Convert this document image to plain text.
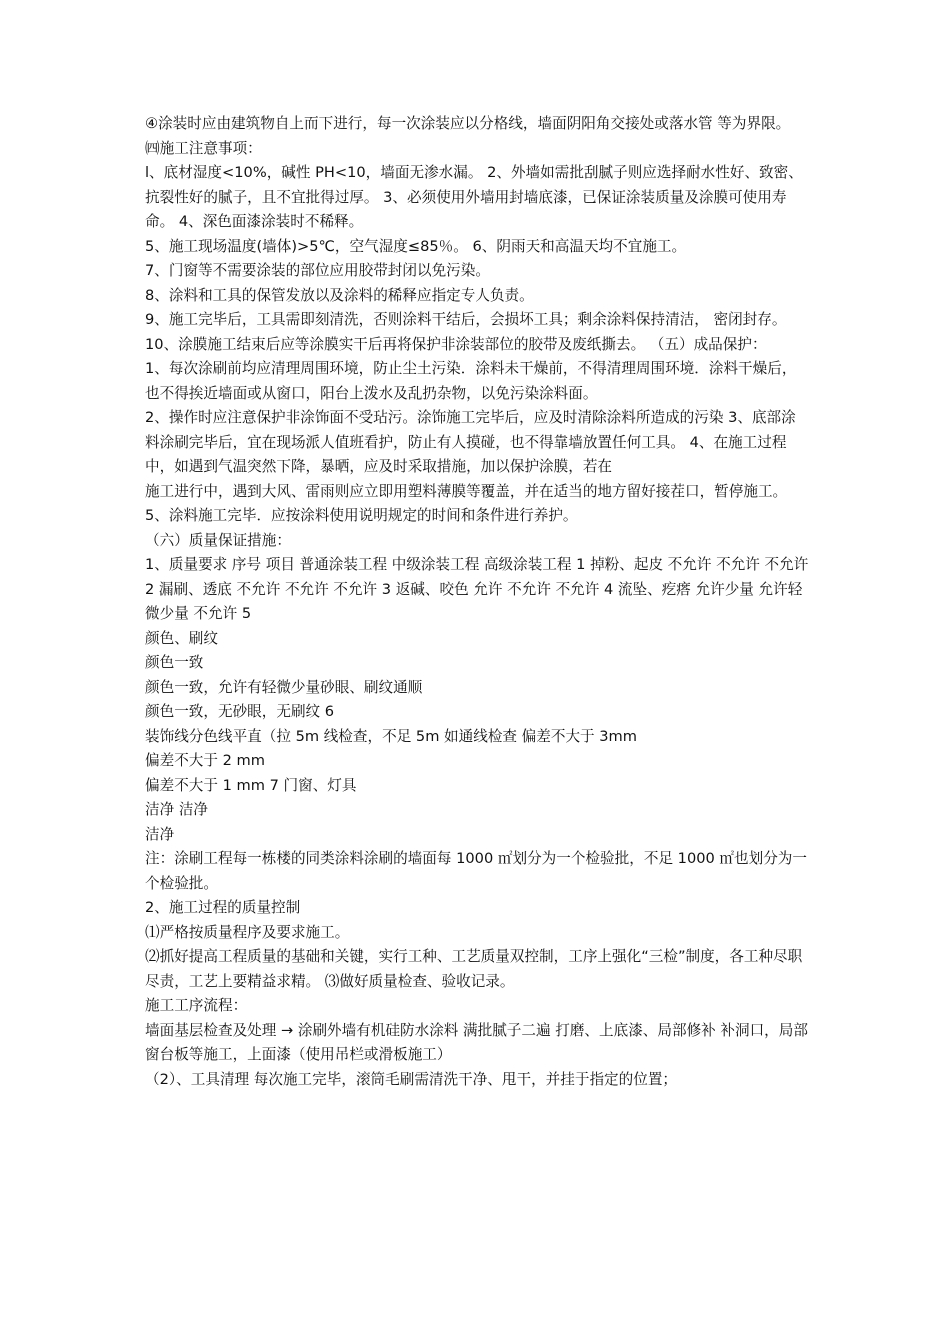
④涂装时应由建筑物自上而下进行，每一次涂装应以分格线，墙面阴阳角交接处或落水管 等为界限。

㈣施工注意事项：

l、底材湿度<10%，碱性 PH<10，墙面无渗水漏。 2、外墙如需批刮腻子则应选择耐水性好、致密、抗裂性好的腻子，且不宜批得过厚。 3、必须使用外墙用封墙底漆，已保证涂装质量及涂膜可使用寿命。 4、深色面漆涂装时不稀释。

5、施工现场温度(墙体)>5℃，空气湿度≤85％。 6、阴雨天和高温天均不宜施工。

7、门窗等不需要涂装的部位应用胶带封闭以免污染。

8、涂料和工具的保管发放以及涂料的稀释应指定专人负责。

9、施工完毕后，工具需即刻清洗，否则涂料干结后，会损坏工具；剩余涂料保持清洁， 密闭封存。

10、涂膜施工结束后应等涂膜实干后再将保护非涂装部位的胶带及废纸撕去。 （五）成品保护：

1、每次涂刷前均应清理周围环境，防止尘土污染．涂料未干燥前，不得清理周围环境．涂料干燥后，也不得挨近墙面或从窗口，阳台上泼水及乱扔杂物，以免污染涂料面。

2、操作时应注意保护非涂饰面不受玷污。涂饰施工完毕后，应及时清除涂料所造成的污染 3、底部涂料涂刷完毕后，宜在现场派人值班看护，防止有人摸碰，也不得靠墙放置任何工具。 4、在施工过程中，如遇到气温突然下降，暴晒，应及时采取措施，加以保护涂膜，若在

施工进行中，遇到大风、雷雨则应立即用塑料薄膜等覆盖，并在适当的地方留好接茬口，暂停施工。 5、涂料施工完毕．应按涂料使用说明规定的时间和条件进行养护。

（六）质量保证措施：

1、质量要求 序号 项目 普通涂装工程 中级涂装工程 高级涂装工程 1 掉粉、起皮 不允许 不允许 不允许 2 漏刷、透底 不允许 不允许 不允许 3 返碱、咬色 允许 不允许 不允许 4 流坠、疙瘩 允许少量 允许轻微少量 不允许 5

颜色、刷纹

颜色一致

颜色一致，允许有轻微少量砂眼、刷纹通顺

颜色一致，无砂眼，无刷纹 6

装饰线分色线平直（拉 5m 线检查，不足 5m 如通线检查 偏差不大于 3mm

偏差不大于 2 mm

偏差不大于 1 mm 7 门窗、灯具

洁净 洁净

洁净

注：涂刷工程每一栋楼的同类涂料涂刷的墙面每 1000 ㎡划分为一个检验批，不足 1000 ㎡也划分为一个检验批。

2、施工过程的质量控制

⑴严格按质量程序及要求施工。

⑵抓好提高工程质量的基础和关键，实行工种、工艺质量双控制，工序上强化“三检”制度，各工种尽职尽责，工艺上要精益求精。 ⑶做好质量检查、验收记录。

施工工序流程：

墙面基层检查及处理 → 涂刷外墙有机硅防水涂料 满批腻子二遍 打磨、上底漆、局部修补 补洞口，局部窗台板等施工，上面漆（使用吊栏或滑板施工）

（2）、工具清理 每次施工完毕，滚筒毛刷需清洗干净、甩干，并挂于指定的位置；
